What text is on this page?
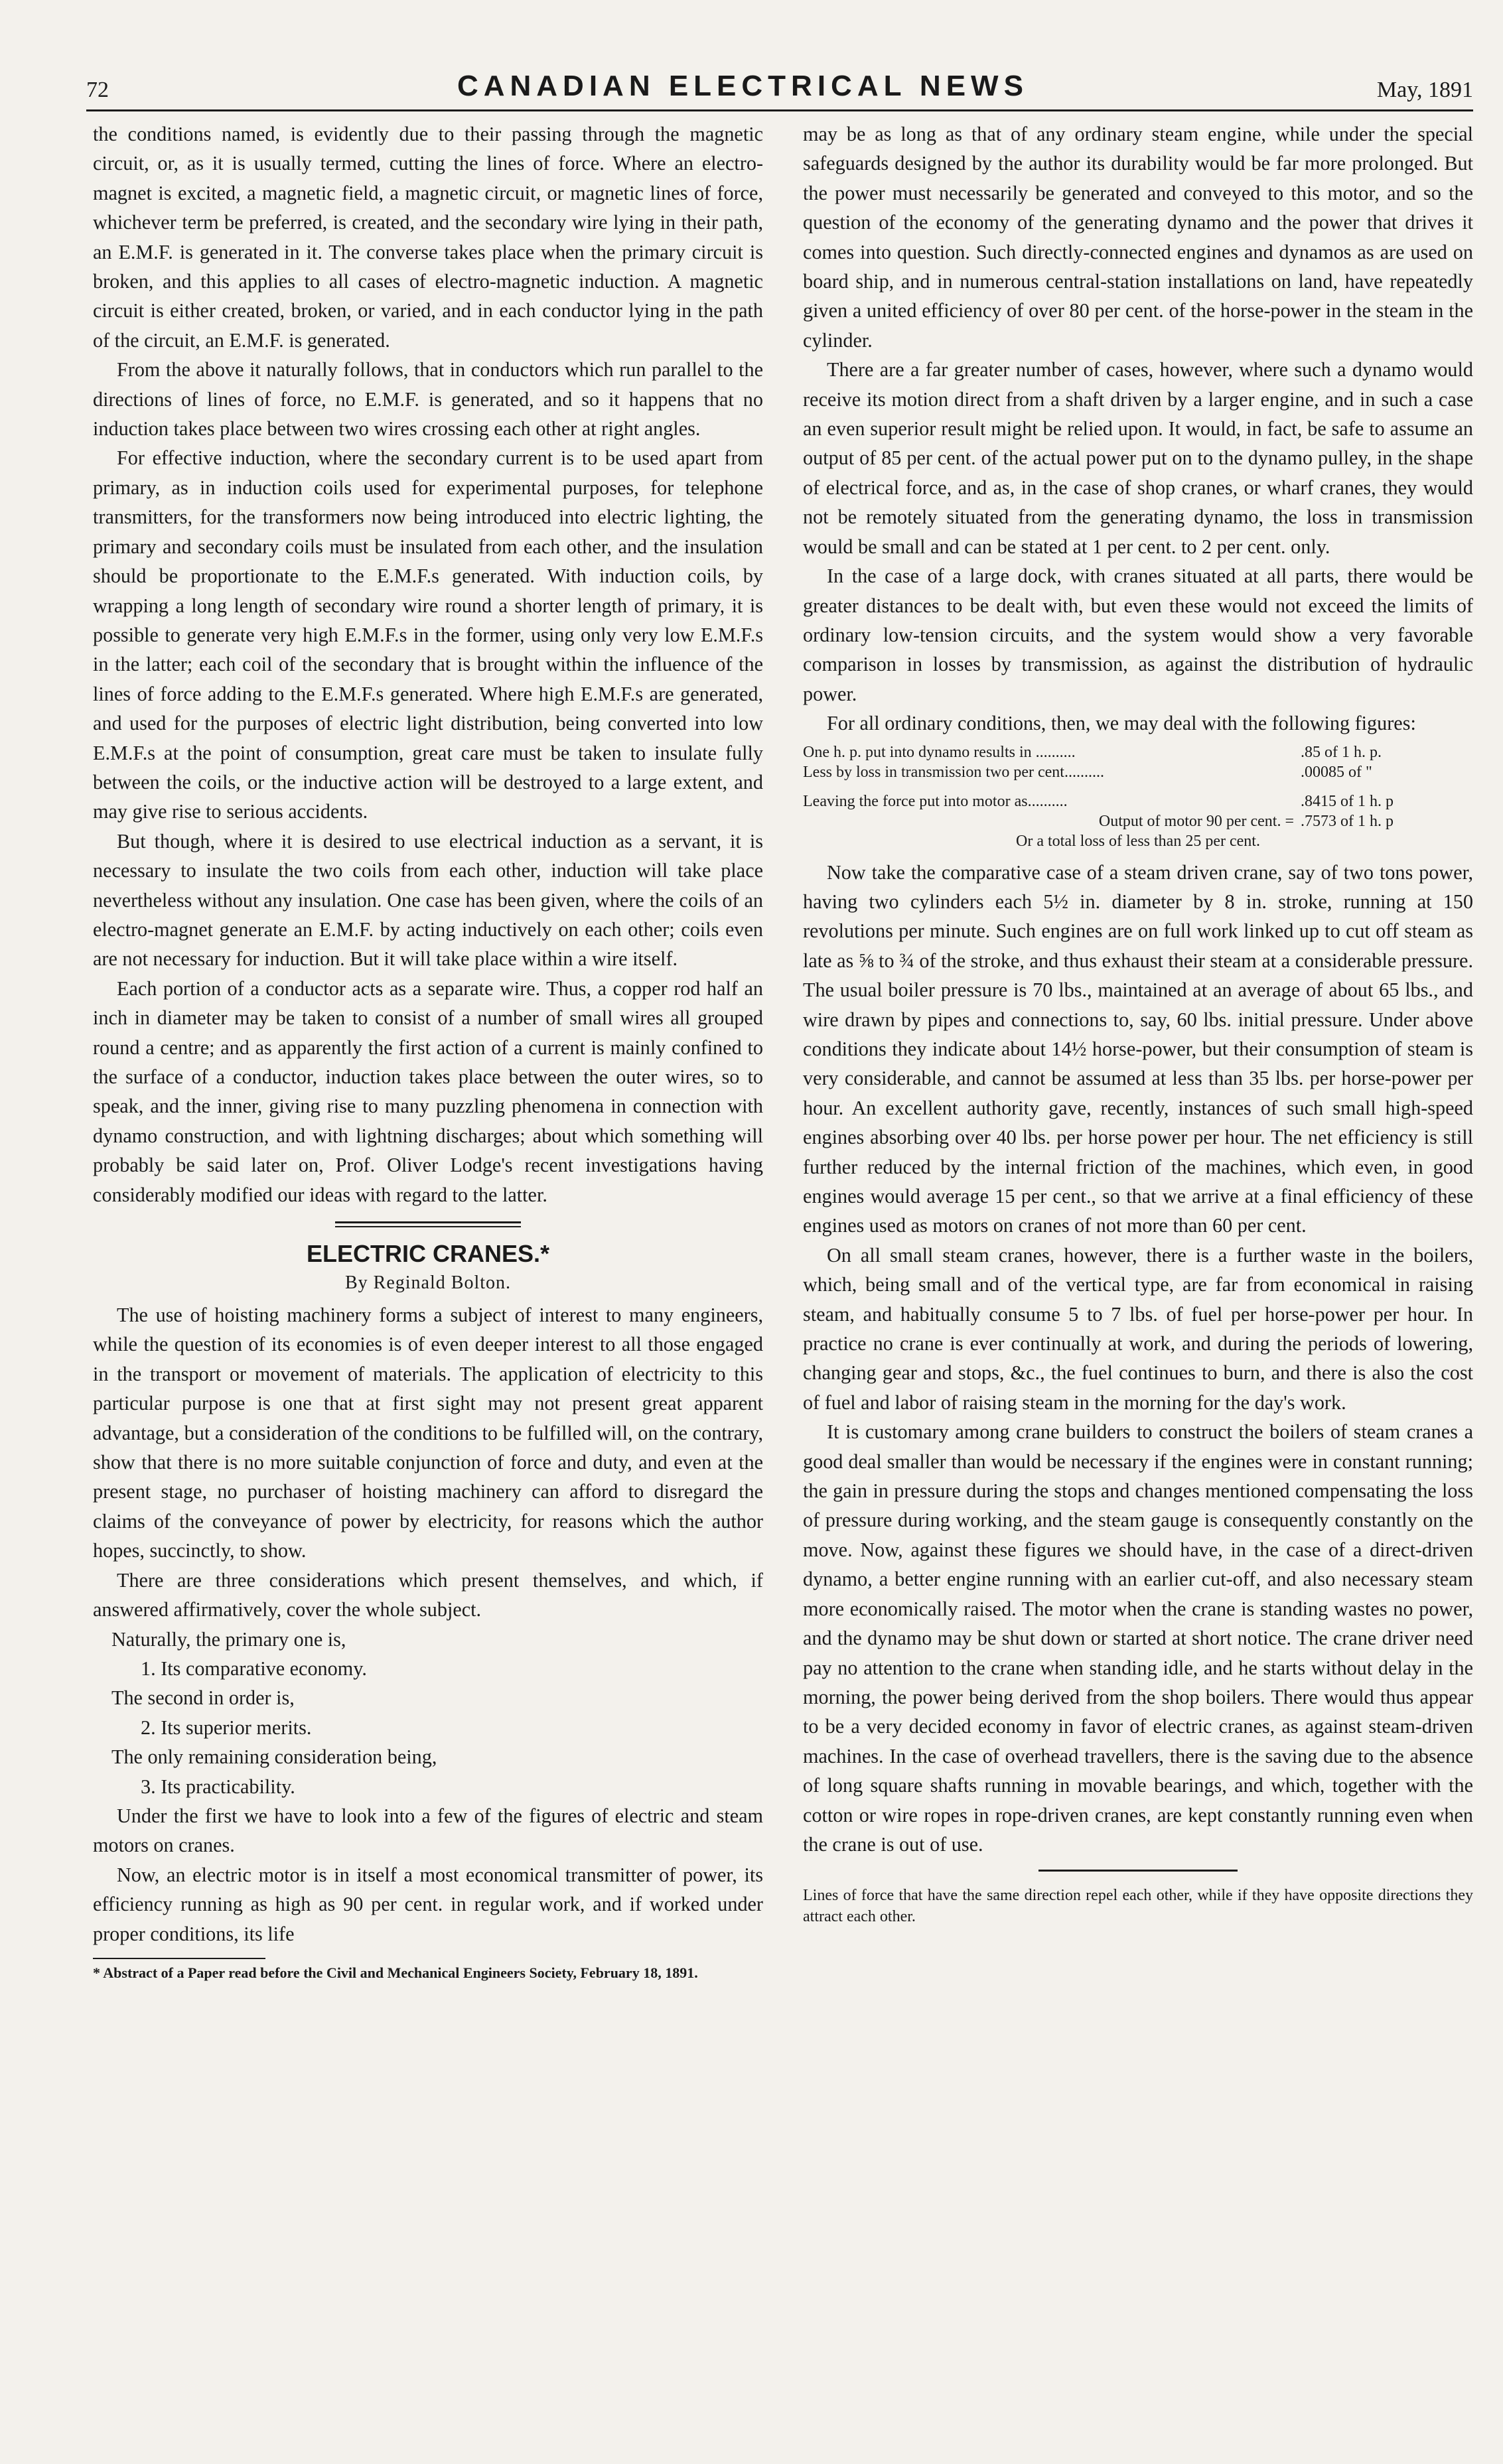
72	CANADIAN ELECTRICAL NEWS	May, 1891

the conditions named, is evidently due to their passing through the magnetic circuit, or, as it is usually termed, cutting the lines of force. Where an electro-magnet is excited, a magnetic field, a magnetic circuit, or magnetic lines of force, whichever term be preferred, is created, and the secondary wire lying in their path, an E.M.F. is generated in it. The converse takes place when the primary circuit is broken, and this applies to all cases of electro-magnetic induction. A magnetic circuit is either created, broken, or varied, and in each conductor lying in the path of the circuit, an E.M.F. is generated.

From the above it naturally follows, that in conductors which run parallel to the directions of lines of force, no E.M.F. is generated, and so it happens that no induction takes place between two wires crossing each other at right angles.

For effective induction, where the secondary current is to be used apart from primary, as in induction coils used for experimental purposes, for telephone transmitters, for the transformers now being introduced into electric lighting, the primary and secondary coils must be insulated from each other, and the insulation should be proportionate to the E.M.F.s generated. With induction coils, by wrapping a long length of secondary wire round a shorter length of primary, it is possible to generate very high E.M.F.s in the former, using only very low E.M.F.s in the latter; each coil of the secondary that is brought within the influence of the lines of force adding to the E.M.F.s generated. Where high E.M.F.s are generated, and used for the purposes of electric light distribution, being converted into low E.M.F.s at the point of consumption, great care must be taken to insulate fully between the coils, or the inductive action will be destroyed to a large extent, and may give rise to serious accidents.

But though, where it is desired to use electrical induction as a servant, it is necessary to insulate the two coils from each other, induction will take place nevertheless without any insulation. One case has been given, where the coils of an electro-magnet generate an E.M.F. by acting inductively on each other; coils even are not necessary for induction. But it will take place within a wire itself.

Each portion of a conductor acts as a separate wire. Thus, a copper rod half an inch in diameter may be taken to consist of a number of small wires all grouped round a centre; and as apparently the first action of a current is mainly confined to the surface of a conductor, induction takes place between the outer wires, so to speak, and the inner, giving rise to many puzzling phenomena in connection with dynamo construction, and with lightning discharges; about which something will probably be said later on, Prof. Oliver Lodge's recent investigations having considerably modified our ideas with regard to the latter.

ELECTRIC CRANES.*
By Reginald Bolton.

The use of hoisting machinery forms a subject of interest to many engineers, while the question of its economies is of even deeper interest to all those engaged in the transport or movement of materials. The application of electricity to this particular purpose is one that at first sight may not present great apparent advantage, but a consideration of the conditions to be fulfilled will, on the contrary, show that there is no more suitable conjunction of force and duty, and even at the present stage, no purchaser of hoisting machinery can afford to disregard the claims of the conveyance of power by electricity, for reasons which the author hopes, succinctly, to show.

There are three considerations which present themselves, and which, if answered affirmatively, cover the whole subject.

Naturally, the primary one is,

1. Its comparative economy.

The second in order is,

2. Its superior merits.

The only remaining consideration being,

3. Its practicability.

Under the first we have to look into a few of the figures of electric and steam motors on cranes.

Now, an electric motor is in itself a most economical transmitter of power, its efficiency running as high as 90 per cent. in regular work, and if worked under proper conditions, its life

* Abstract of a Paper read before the Civil and Mechanical Engineers Society, February 18, 1891.

may be as long as that of any ordinary steam engine, while under the special safeguards designed by the author its durability would be far more prolonged. But the power must necessarily be generated and conveyed to this motor, and so the question of the economy of the generating dynamo and the power that drives it comes into question. Such directly-connected engines and dynamos as are used on board ship, and in numerous central-station installations on land, have repeatedly given a united efficiency of over 80 per cent. of the horse-power in the steam in the cylinder.

There are a far greater number of cases, however, where such a dynamo would receive its motion direct from a shaft driven by a larger engine, and in such a case an even superior result might be relied upon. It would, in fact, be safe to assume an output of 85 per cent. of the actual power put on to the dynamo pulley, in the shape of electrical force, and as, in the case of shop cranes, or wharf cranes, they would not be remotely situated from the generating dynamo, the loss in transmission would be small and can be stated at 1 per cent. to 2 per cent. only.

In the case of a large dock, with cranes situated at all parts, there would be greater distances to be dealt with, but even these would not exceed the limits of ordinary low-tension circuits, and the system would show a very favorable comparison in losses by transmission, as against the distribution of hydraulic power.

For all ordinary conditions, then, we may deal with the following figures:

One h. p. put into dynamo results in ..........	.85 of 1 h. p.
Less by loss in transmission two per cent..........	.00085 of "
Leaving the force put into motor as..........	.8415 of 1 h. p
Output of motor 90 per cent. = .7573 of 1 h. p
Or a total loss of less than 25 per cent.

Now take the comparative case of a steam driven crane, say of two tons power, having two cylinders each 5½ in. diameter by 8 in. stroke, running at 150 revolutions per minute. Such engines are on full work linked up to cut off steam as late as ⅝ to ¾ of the stroke, and thus exhaust their steam at a considerable pressure. The usual boiler pressure is 70 lbs., maintained at an average of about 65 lbs., and wire drawn by pipes and connections to, say, 60 lbs. initial pressure. Under above conditions they indicate about 14½ horse-power, but their consumption of steam is very considerable, and cannot be assumed at less than 35 lbs. per horse-power per hour. An excellent authority gave, recently, instances of such small high-speed engines absorbing over 40 lbs. per horse power per hour. The net efficiency is still further reduced by the internal friction of the machines, which even, in good engines would average 15 per cent., so that we arrive at a final efficiency of these engines used as motors on cranes of not more than 60 per cent.

On all small steam cranes, however, there is a further waste in the boilers, which, being small and of the vertical type, are far from economical in raising steam, and habitually consume 5 to 7 lbs. of fuel per horse-power per hour. In practice no crane is ever continually at work, and during the periods of lowering, changing gear and stops, &c., the fuel continues to burn, and there is also the cost of fuel and labor of raising steam in the morning for the day's work.

It is customary among crane builders to construct the boilers of steam cranes a good deal smaller than would be necessary if the engines were in constant running; the gain in pressure during the stops and changes mentioned compensating the loss of pressure during working, and the steam gauge is consequently constantly on the move. Now, against these figures we should have, in the case of a direct-driven dynamo, a better engine running with an earlier cut-off, and also necessary steam more economically raised. The motor when the crane is standing wastes no power, and the dynamo may be shut down or started at short notice. The crane driver need pay no attention to the crane when standing idle, and he starts without delay in the morning, the power being derived from the shop boilers. There would thus appear to be a very decided economy in favor of electric cranes, as against steam-driven machines. In the case of overhead travellers, there is the saving due to the absence of long square shafts running in movable bearings, and which, together with the cotton or wire ropes in rope-driven cranes, are kept constantly running even when the crane is out of use.

Lines of force that have the same direction repel each other, while if they have opposite directions they attract each other.
